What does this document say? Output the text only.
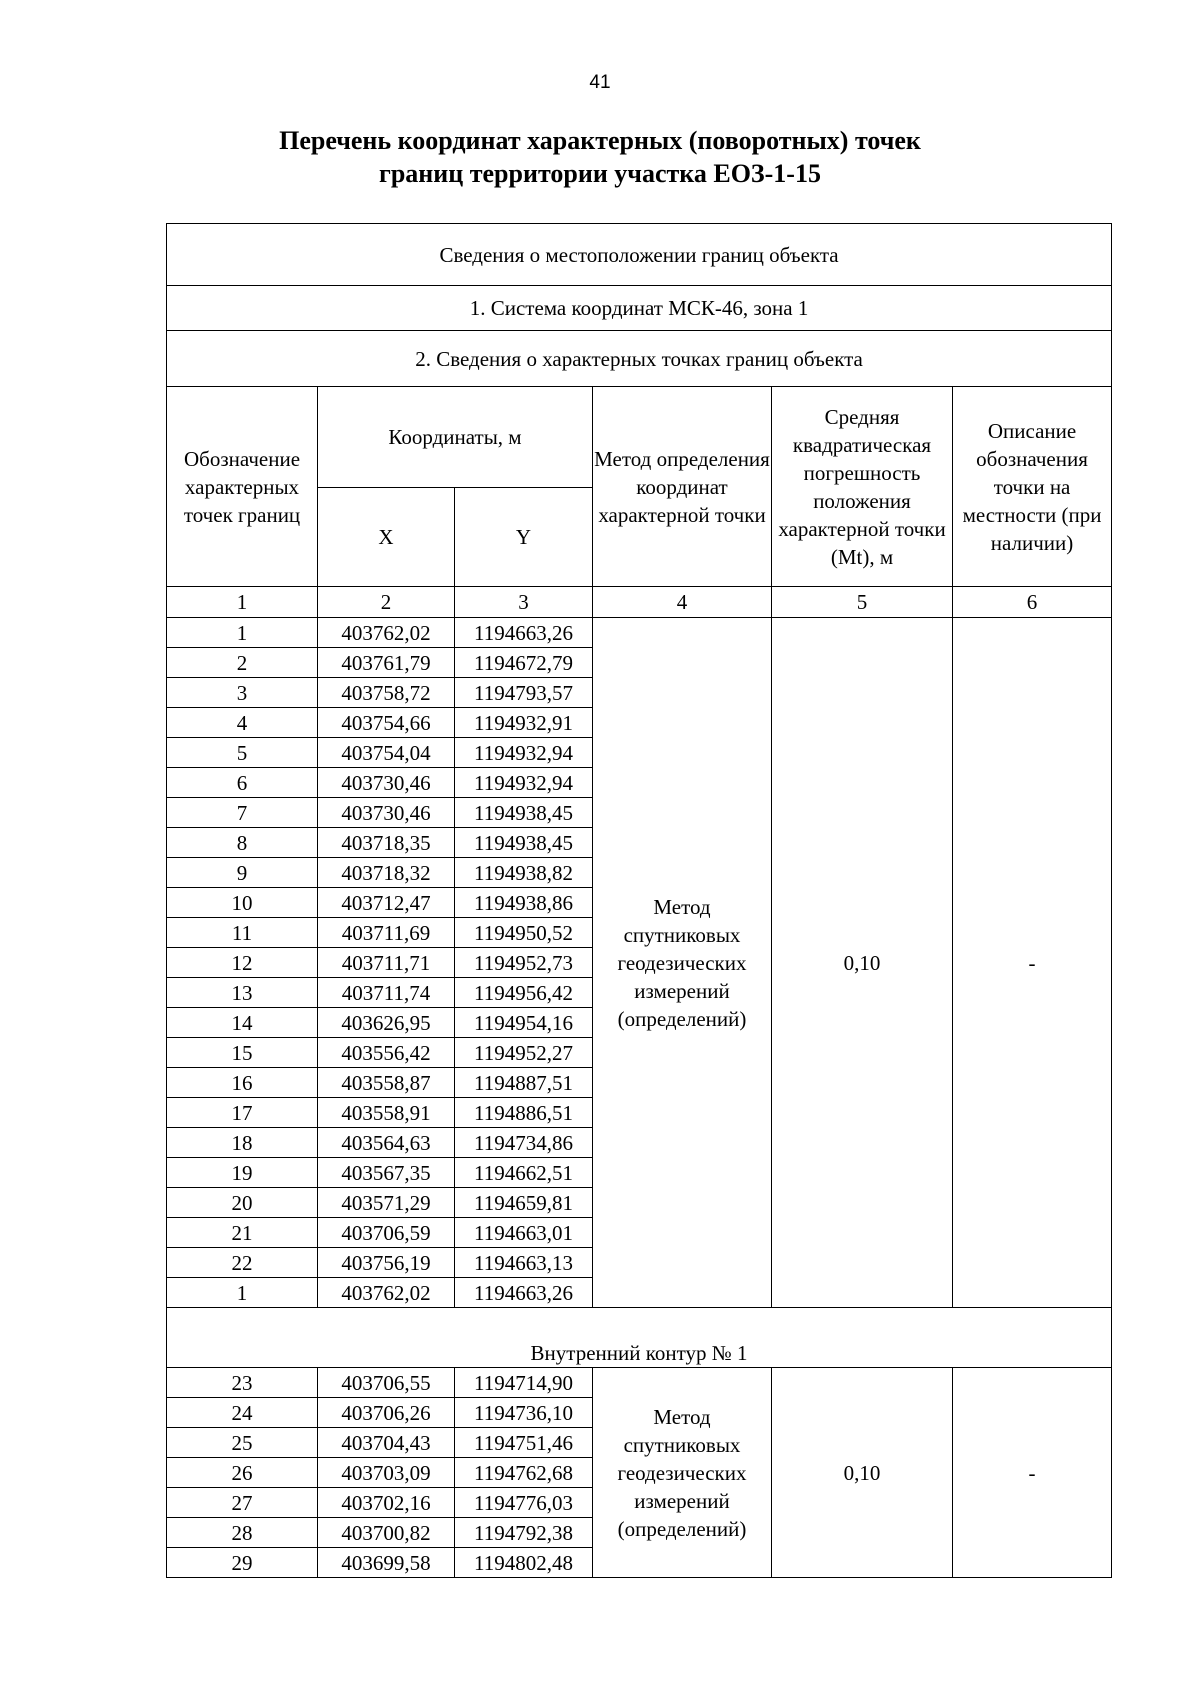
41
Перечень координат характерных (поворотных) точек
границ территории участка ЕОЗ-1-15
Сведения о местоположении границ объекта					
1. Система координат МСК-46, зона 1					
2. Сведения о характерных точках границ объекта					
Обозначение характерных точек границ	Координаты, м		Метод определения координат характерной точки	Средняя квадратическая погрешность положения характерной точки (Mt), м	Описание обозначения точки на местности (при наличии)
	X	Y			
1	2	3	4	5	6
1	403762,02	1194663,26	Метод спутниковых геодезических измерений (определений)	0,10	-
2	403761,79	1194672,79			
3	403758,72	1194793,57			
4	403754,66	1194932,91			
5	403754,04	1194932,94			
6	403730,46	1194932,94			
7	403730,46	1194938,45			
8	403718,35	1194938,45			
9	403718,32	1194938,82			
10	403712,47	1194938,86			
11	403711,69	1194950,52			
12	403711,71	1194952,73			
13	403711,74	1194956,42			
14	403626,95	1194954,16			
15	403556,42	1194952,27			
16	403558,87	1194887,51			
17	403558,91	1194886,51			
18	403564,63	1194734,86			
19	403567,35	1194662,51			
20	403571,29	1194659,81			
21	403706,59	1194663,01			
22	403756,19	1194663,13			
1	403762,02	1194663,26			
Внутренний контур № 1					
23	403706,55	1194714,90	Метод спутниковых геодезических измерений (определений)	0,10	-
24	403706,26	1194736,10			
25	403704,43	1194751,46			
26	403703,09	1194762,68			
27	403702,16	1194776,03			
28	403700,82	1194792,38			
29	403699,58	1194802,48			
